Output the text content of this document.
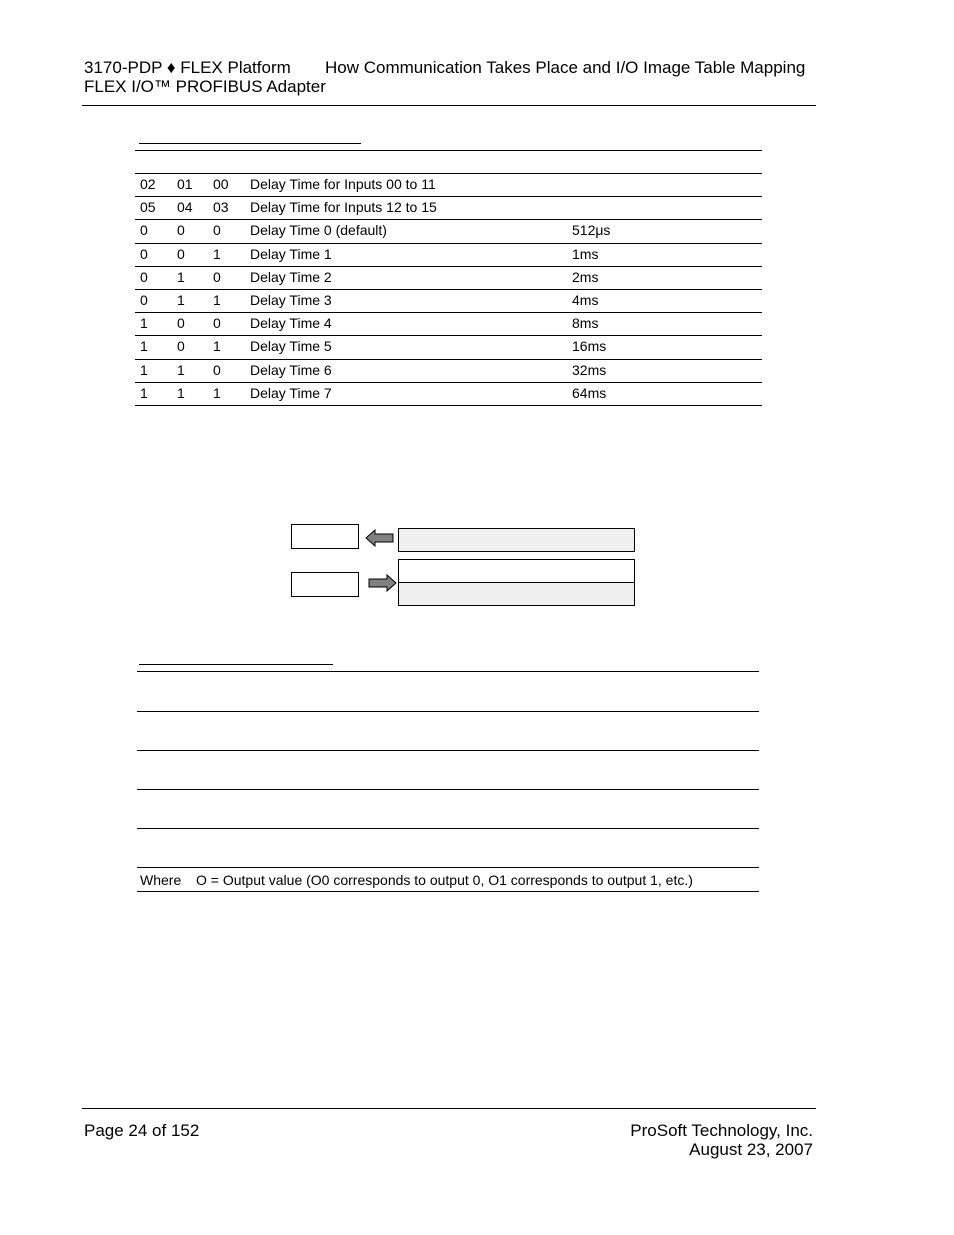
3170-PDP ♦ FLEX Platform How Communication Takes Place and I/O Image Table Mapping
FLEX I/O™ PROFIBUS Adapter
02 01 00 Delay Time for Inputs 00 to 11
05 04 03 Delay Time for Inputs 12 to 15
0 0 0 Delay Time 0 (default)	512μs
0 0 1 Delay Time 1	1ms
0 1 0 Delay Time 2	2ms
0 1 1 Delay Time 3	4ms
1 0 0 Delay Time 4	8ms
1 0 1 Delay Time 5	16ms
1 1 0 Delay Time 6	32ms
1 1 1 Delay Time 7	64ms
Where O = Output value (O0 corresponds to output 0, O1 corresponds to output 1, etc.)
Page 24 of 152	ProSoft Technology, Inc.
August 23, 2007
